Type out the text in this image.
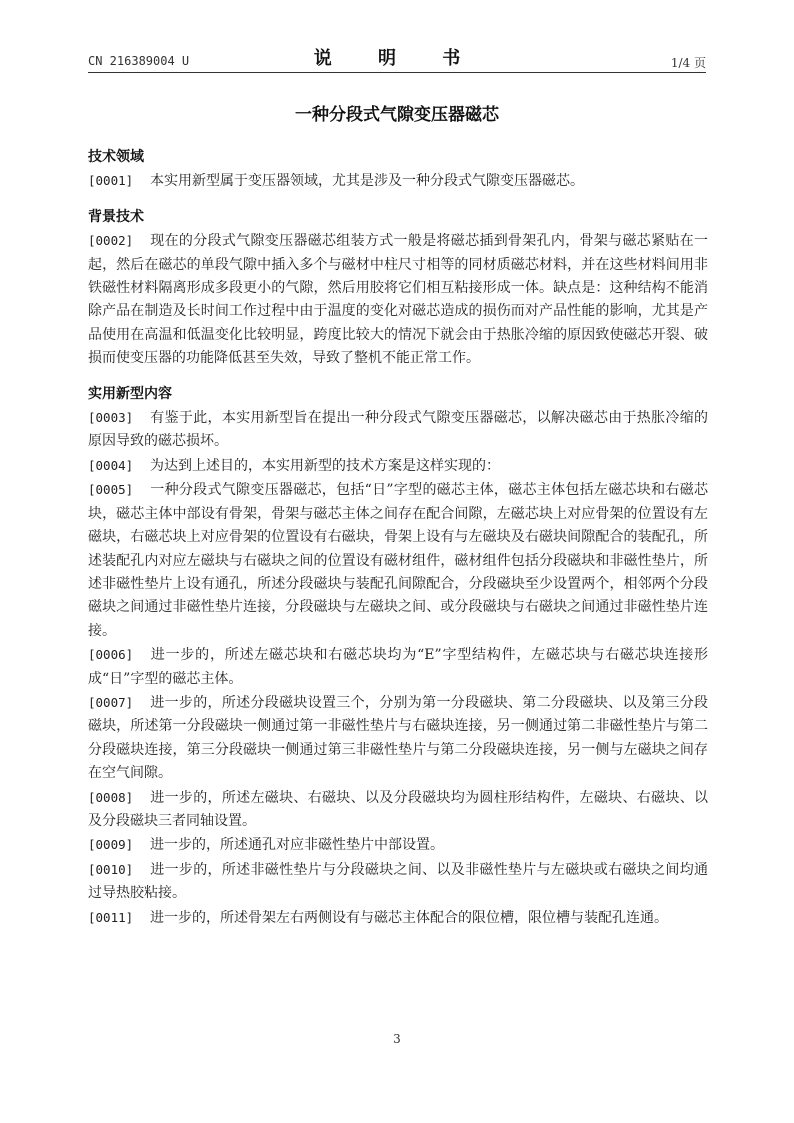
CN 216389004 U	说 明 书	1/4 页
一种分段式气隙变压器磁芯
技术领域

[0001] 本实用新型属于变压器领域，尤其是涉及一种分段式气隙变压器磁芯。

背景技术

[0002] 现在的分段式气隙变压器磁芯组装方式一般是将磁芯插到骨架孔内，骨架与磁芯紧贴在一起，然后在磁芯的单段气隙中插入多个与磁材中柱尺寸相等的同材质磁芯材料，并在这些材料间用非铁磁性材料隔离形成多段更小的气隙，然后用胶将它们相互粘接形成一体。缺点是：这种结构不能消除产品在制造及长时间工作过程中由于温度的变化对磁芯造成的损伤而对产品性能的影响，尤其是产品使用在高温和低温变化比较明显，跨度比较大的情况下就会由于热胀冷缩的原因致使磁芯开裂、破损而使变压器的功能降低甚至失效，导致了整机不能正常工作。

实用新型内容

[0003] 有鉴于此，本实用新型旨在提出一种分段式气隙变压器磁芯，以解决磁芯由于热胀冷缩的原因导致的磁芯损坏。

[0004] 为达到上述目的，本实用新型的技术方案是这样实现的：

[0005] 一种分段式气隙变压器磁芯，包括“日”字型的磁芯主体，磁芯主体包括左磁芯块和右磁芯块，磁芯主体中部设有骨架，骨架与磁芯主体之间存在配合间隙，左磁芯块上对应骨架的位置设有左磁块，右磁芯块上对应骨架的位置设有右磁块，骨架上设有与左磁块及右磁块间隙配合的装配孔，所述装配孔内对应左磁块与右磁块之间的位置设有磁材组件，磁材组件包括分段磁块和非磁性垫片，所述非磁性垫片上设有通孔，所述分段磁块与装配孔间隙配合，分段磁块至少设置两个，相邻两个分段磁块之间通过非磁性垫片连接，分段磁块与左磁块之间、或分段磁块与右磁块之间通过非磁性垫片连接。

[0006] 进一步的，所述左磁芯块和右磁芯块均为“E”字型结构件，左磁芯块与右磁芯块连接形成“日”字型的磁芯主体。

[0007] 进一步的，所述分段磁块设置三个，分别为第一分段磁块、第二分段磁块、以及第三分段磁块，所述第一分段磁块一侧通过第一非磁性垫片与右磁块连接，另一侧通过第二非磁性垫片与第二分段磁块连接，第三分段磁块一侧通过第三非磁性垫片与第二分段磁块连接，另一侧与左磁块之间存在空气间隙。

[0008] 进一步的，所述左磁块、右磁块、以及分段磁块均为圆柱形结构件，左磁块、右磁块、以及分段磁块三者同轴设置。

[0009] 进一步的，所述通孔对应非磁性垫片中部设置。

[0010] 进一步的，所述非磁性垫片与分段磁块之间、以及非磁性垫片与左磁块或右磁块之间均通过导热胶粘接。

[0011] 进一步的，所述骨架左右两侧设有与磁芯主体配合的限位槽，限位槽与装配孔连通。

3
